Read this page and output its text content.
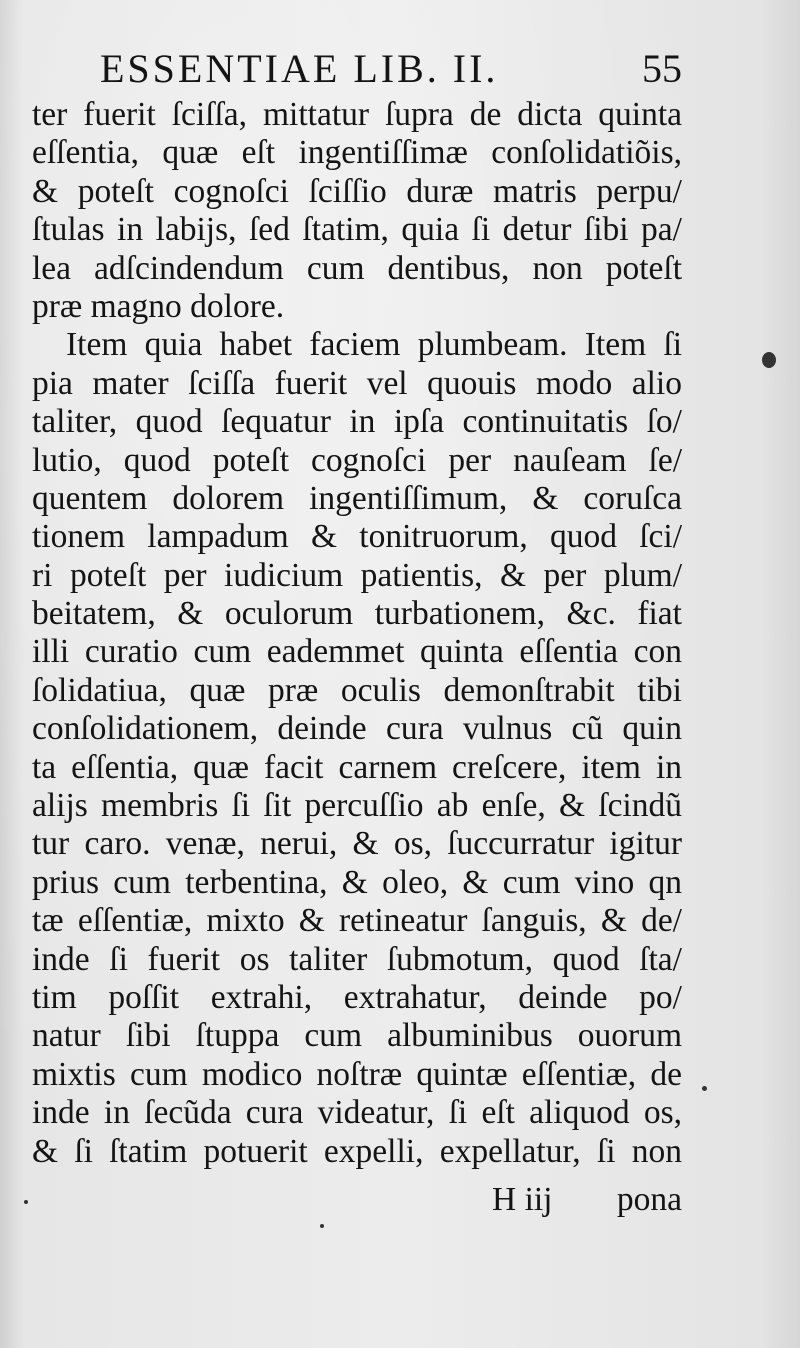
ESSENTIAE LIB. II.	55
ter fuerit ſciſſa, mittatur ſupra de dicta quinta
eſſentia, quæ eſt ingentiſſimæ conſolidatiõis,
& poteſt cognoſci ſciſſio duræ matris perpu/
ſtulas in labijs, ſed ſtatim, quia ſi detur ſibi pa/
lea adſcindendum cum dentibus, non poteſt
præ magno dolore.
Item quia habet faciem plumbeam. Item ſi
pia mater ſciſſa fuerit vel quouis modo alio
taliter, quod ſequatur in ipſa continuitatis ſo/
lutio, quod poteſt cognoſci per nauſeam ſe/
quentem dolorem ingentiſſimum, & coruſca
tionem lampadum & tonitruorum, quod ſci/
ri poteſt per iudicium patientis, & per plum/
beitatem, & oculorum turbationem, &c. fiat
illi curatio cum eademmet quinta eſſentia con
ſolidatiua, quæ præ oculis demonſtrabit tibi
conſolidationem, deinde cura vulnus cũ quin
ta eſſentia, quæ facit carnem creſcere, item in
alijs membris ſi ſit percuſſio ab enſe, & ſcindũ
tur caro. venæ, nerui, & os, ſuccurratur igitur
prius cum terbentina, & oleo, & cum vino qn
tæ eſſentiæ, mixto & retineatur ſanguis, & de/
inde ſi fuerit os taliter ſubmotum, quod ſta/
tim poſſit extrahi, extrahatur, deinde po/
natur ſibi ſtuppa cum albuminibus ouorum
mixtis cum modico noſtræ quintæ eſſentiæ, de
inde in ſecũda cura videatur, ſi eſt aliquod os,
& ſi ſtatim potuerit expelli, expellatur, ſi non
H iij pona
